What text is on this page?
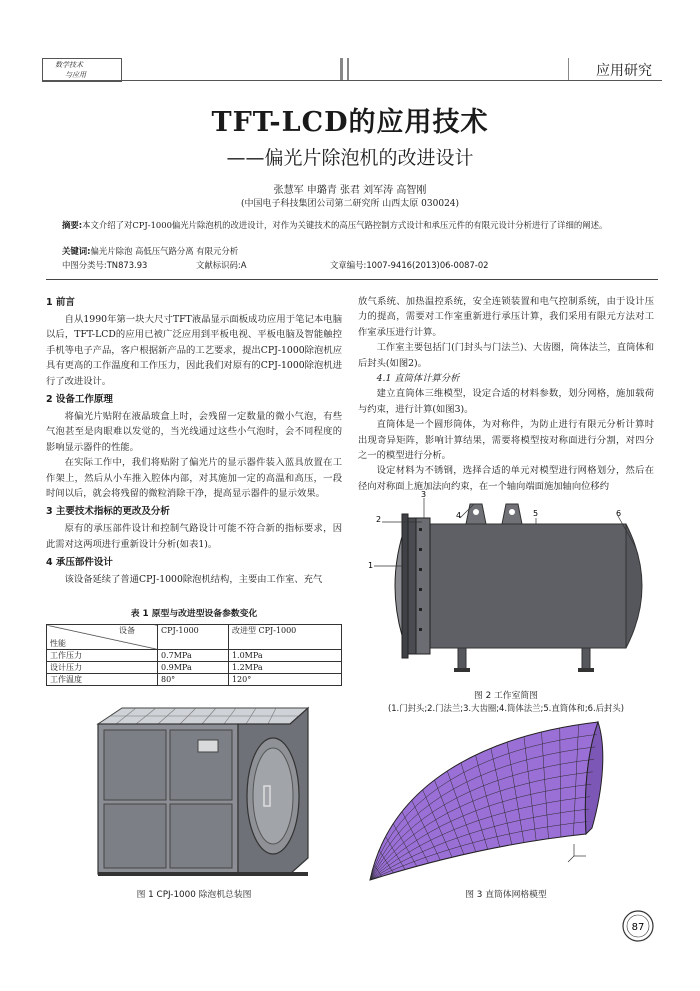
数学技术
与应用	应用研究
TFT-LCD的应用技术
——偏光片除泡机的改进设计
张慧军 申璐青 张君 刘军涛 高智刚
(中国电子科技集团公司第二研究所 山西太原 030024)
摘要:本文介绍了对CPJ-1000偏光片除泡机的改进设计，对作为关键技术的高压气路控制方式设计和承压元件的有限元设计分析进行了详细的阐述。
关键词:偏光片除泡 高低压气路分离 有限元分析
中图分类号:TN873.93	文献标识码:A	文章编号:1007-9416(2013)06-0087-02
1 前言

自从1990年第一块大尺寸TFT液晶显示面板成功应用于笔记本电脑以后，TFT-LCD的应用已被广泛应用到平板电视、平板电脑及智能触控手机等电子产品，客户根据新产品的工艺要求，提出CPJ-1000除泡机应具有更高的工作温度和工作压力，因此我们对原有的CPJ-1000除泡机进行了改进设计。

2 设备工作原理

将偏光片贴附在液晶玻盒上时，会残留一定数量的微小气泡，有些气泡甚至是肉眼难以发觉的，当光线通过这些小气泡时，会不同程度的影响显示器件的性能。

在实际工作中，我们将贴附了偏光片的显示器件装入蓝具放置在工作架上，然后从小车推入腔体内部，对其施加一定的高温和高压，一段时间以后，就会将残留的微粒消除干净，提高显示器件的显示效果。

3 主要技术指标的更改及分析

原有的承压部件设计和控制气路设计可能不符合新的指标要求，因此需对这两项进行重新设计分析(如表1)。

4 承压部件设计

该设备延续了普通CPJ-1000除泡机结构，主要由工作室、充气

表 1 原型与改进型设备参数变化
设备
性能	CPJ-1000	改进型 CPJ-1000
工作压力	0.7MPa	1.0MPa
设计压力	0.9MPa	1.2MPa
工作温度	80°	120°
图 1 CPJ-1000 除泡机总装图

放气系统、加热温控系统，安全连锁装置和电气控制系统，由于设计压力的提高，需要对工作室重新进行承压计算，我们采用有限元方法对工作室承压进行计算。

工作室主要包括门(门封头与门法兰)、大齿圈，筒体法兰，直筒体和后封头(如图2)。

4.1 直筒体计算分析

建立直筒体三维模型，设定合适的材料参数，划分网格，施加载荷与约束，进行计算(如图3)。

直筒体是一个圆形筒体，为对称件，为防止进行有限元分析计算时出现奇异矩阵，影响计算结果，需要将模型按对称面进行分割，对四分之一的模型进行分析。

设定材料为不锈钢，选择合适的单元对模型进行网格划分，然后在径向对称面上施加法向约束，在一个轴向端面施加轴向位移约

1
2
3
4	5	6
图 2 工作室简图
(1.门封头;2.门法兰;3.大齿圈;4.筒体法兰;5.直筒体和;6.后封头)
图 3 直筒体网格模型
87
